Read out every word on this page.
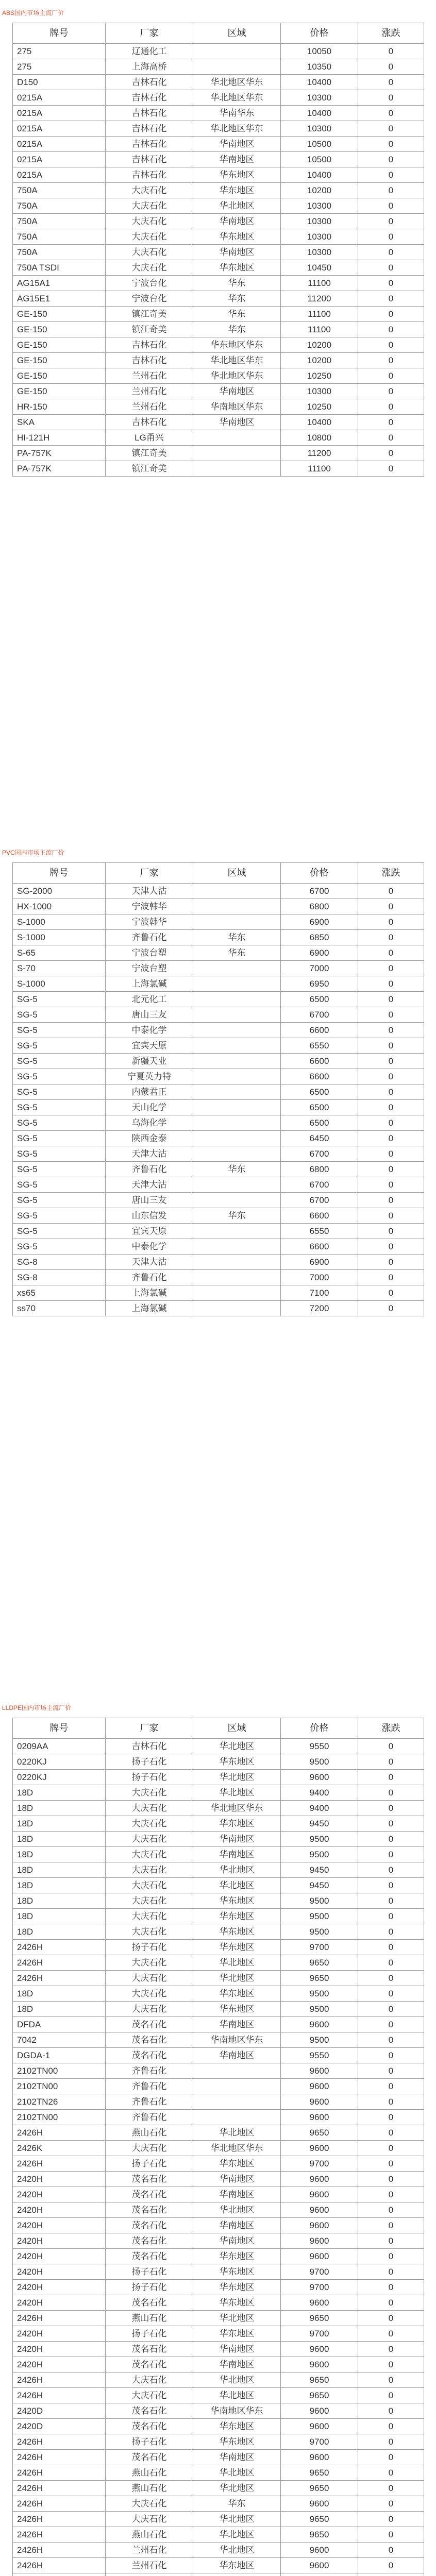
ABS国内市场主流厂价
牌号	厂家	区域	价格	涨跌
275	辽通化工		10050	0
275	上海高桥		10350	0
D150	吉林石化	华北地区华东	10400	0
0215A	吉林石化	华北地区华东	10300	0
0215A	吉林石化	华南华东	10400	0
0215A	吉林石化	华北地区华东	10300	0
0215A	吉林石化	华南地区	10500	0
0215A	吉林石化	华南地区	10500	0
0215A	吉林石化	华东地区	10400	0
750A	大庆石化	华东地区	10200	0
750A	大庆石化	华北地区	10300	0
750A	大庆石化	华南地区	10300	0
750A	大庆石化	华东地区	10300	0
750A	大庆石化	华南地区	10300	0
750A TSDI	大庆石化	华东地区	10450	0
AG15A1	宁波台化	华东	11100	0
AG15E1	宁波台化	华东	11200	0
GE-150	镇江奇美	华东	11100	0
GE-150	镇江奇美	华东	11100	0
GE-150	吉林石化	华东地区华东	10200	0
GE-150	吉林石化	华北地区华东	10200	0
GE-150	兰州石化	华北地区华东	10250	0
GE-150	兰州石化	华南地区	10300	0
HR-150	兰州石化	华南地区华东	10250	0
SKA	吉林石化	华南地区	10400	0
HI-121H	LG甬兴		10800	0
PA-757K	镇江奇美		11200	0
PA-757K	镇江奇美		11100	0
PVC国内市场主流厂价
牌号	厂家	区域	价格	涨跌
SG-2000	天津大沽		6700	0
HX-1000	宁波韩华		6800	0
S-1000	宁波韩华		6900	0
S-1000	齐鲁石化	华东	6850	0
S-65	宁波台塑	华东	6900	0
S-70	宁波台塑		7000	0
S-1000	上海氯碱		6950	0
SG-5	北元化工		6500	0
SG-5	唐山三友		6700	0
SG-5	中泰化学		6600	0
SG-5	宜宾天原		6550	0
SG-5	新疆天业		6600	0
SG-5	宁夏英力特		6600	0
SG-5	内蒙君正		6500	0
SG-5	天山化学		6500	0
SG-5	乌海化学		6500	0
SG-5	陕西金泰		6450	0
SG-5	天津大沽		6700	0
SG-5	齐鲁石化	华东	6800	0
SG-5	天津大沽		6700	0
SG-5	唐山三友		6700	0
SG-5	山东信发	华东	6600	0
SG-5	宜宾天原		6550	0
SG-5	中泰化学		6600	0
SG-8	天津大沽		6900	0
SG-8	齐鲁石化		7000	0
xs65	上海氯碱		7100	0
ss70	上海氯碱		7200	0
LLDPE国内市场主流厂价
牌号	厂家	区域	价格	涨跌
0209AA	吉林石化	华北地区	9550	0
0220KJ	扬子石化	华东地区	9500	0
0220KJ	扬子石化	华北地区	9600	0
18D	大庆石化	华北地区	9400	0
18D	大庆石化	华北地区华东	9400	0
18D	大庆石化	华东地区	9450	0
18D	大庆石化	华南地区	9500	0
18D	大庆石化	华南地区	9500	0
18D	大庆石化	华北地区	9450	0
18D	大庆石化	华北地区	9450	0
18D	大庆石化	华东地区	9500	0
18D	大庆石化	华东地区	9500	0
18D	大庆石化	华东地区	9500	0
2426H	扬子石化	华东地区	9700	0
2426H	大庆石化	华北地区	9650	0
2426H	大庆石化	华北地区	9650	0
18D	大庆石化	华东地区	9500	0
18D	大庆石化	华东地区	9500	0
DFDA	茂名石化	华南地区	9600	0
7042	茂名石化	华南地区华东	9500	0
DGDA-1	茂名石化	华南地区	9550	0
2102TN00	齐鲁石化		9600	0
2102TN00	齐鲁石化		9600	0
2102TN26	齐鲁石化		9600	0
2102TN00	齐鲁石化		9600	0
2426H	燕山石化	华北地区	9650	0
2426K	大庆石化	华北地区华东	9600	0
2426H	扬子石化	华东地区	9700	0
2420H	茂名石化	华南地区	9600	0
2420H	茂名石化	华南地区	9600	0
2420H	茂名石化	华北地区	9600	0
2420H	茂名石化	华南地区	9600	0
2420H	茂名石化	华南地区	9600	0
2420H	茂名石化	华东地区	9600	0
2420H	扬子石化	华东地区	9700	0
2420H	扬子石化	华东地区	9700	0
2420H	茂名石化	华东地区	9600	0
2426H	燕山石化	华北地区	9650	0
2420H	扬子石化	华东地区	9700	0
2420H	茂名石化	华南地区	9600	0
2420H	茂名石化	华南地区	9600	0
2426H	大庆石化	华北地区	9650	0
2426H	大庆石化	华北地区	9650	0
2420D	茂名石化	华南地区华东	9600	0
2420D	茂名石化	华东地区	9600	0
2426H	扬子石化	华东地区	9700	0
2426H	茂名石化	华南地区	9600	0
2426H	燕山石化	华北地区	9650	0
2426H	燕山石化	华北地区	9650	0
2426H	大庆石化	华东	9600	0
2426H	大庆石化	华北地区	9650	0
2426H	燕山石化	华北地区	9650	0
2426H	兰州石化	华北地区	9600	0
2426H	兰州石化	华东地区	9600	0
